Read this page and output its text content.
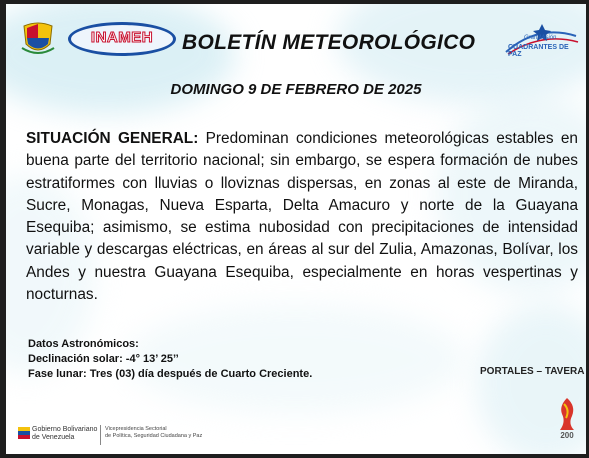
INAMEH	BOLETÍN METEOROLÓGICO	Gran Misión
CUADRANTES DE PAZ
DOMINGO 9 DE FEBRERO DE 2025
SITUACIÓN GENERAL: Predominan condiciones meteorológicas estables en buena parte del territorio nacional; sin embargo, se espera formación de nubes estratiformes con lluvias o lloviznas dispersas, en zonas al este de Miranda, Sucre, Monagas, Nueva Esparta, Delta Amacuro y norte de la Guayana Esequiba; asimismo, se estima nubosidad con precipitaciones de intensidad variable y descargas eléctricas, en áreas al sur del Zulia, Amazonas, Bolívar, los Andes y nuestra Guayana Esequiba, especialmente en horas vespertinas y nocturnas.
Datos Astronómicos:
Declinación solar: -4° 13’ 25’’
Fase lunar: Tres (03) día después de Cuarto Creciente.	PORTALES – TAVERA
Gobierno Bolivariano
de Venezuela
Vicepresidencia Sectorial
de Política, Seguridad Ciudadana y Paz	200
